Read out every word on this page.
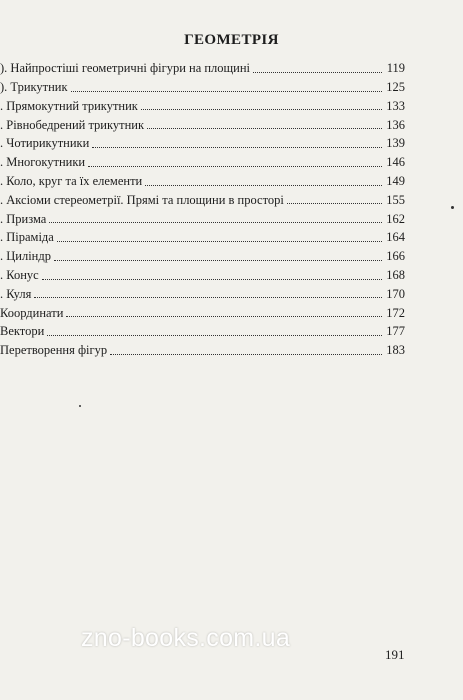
ГЕОМЕТРІЯ
). Найпростіші геометричні фігури на площині	119
). Трикутник	125
. Прямокутний трикутник	133
. Рівнобедрений трикутник	136
. Чотирикутники	139
. Многокутники	146
. Коло, круг та їх елементи	149
. Аксіоми стереометрії. Прямі та площини в просторі	155
. Призма	162
. Піраміда	164
. Циліндр	166
. Конус	168
. Куля	170
Координати	172
Вектори	177
Перетворення фігур	183
zno-books.com.ua
191
